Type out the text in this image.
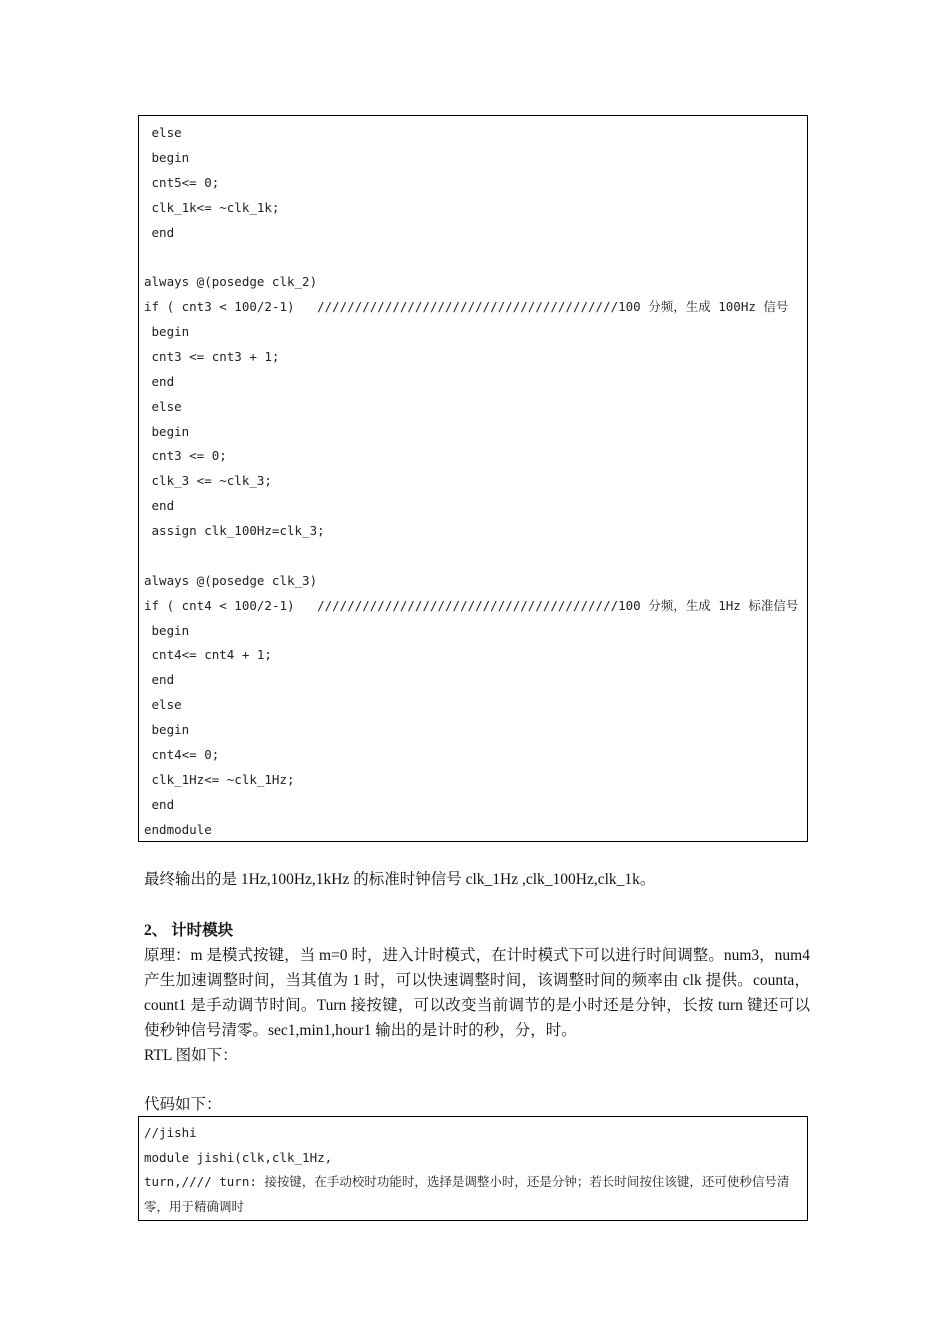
else
begin
cnt5<= 0;
clk_1k<= ~clk_1k;
end
always @(posedge clk_2)
if ( cnt3 < 100/2-1)   ////////////////////////////////////////100 分频，生成 100Hz 信号
begin
cnt3 <= cnt3 + 1;
end
else
begin
cnt3 <= 0;
clk_3 <= ~clk_3;
end
assign clk_100Hz=clk_3;
always @(posedge clk_3)
if ( cnt4 < 100/2-1)   ////////////////////////////////////////100 分频，生成 1Hz 标准信号
begin
cnt4<= cnt4 + 1;
end
else
begin
cnt4<= 0;
clk_1Hz<= ~clk_1Hz;
end
endmodule
最终输出的是 1Hz,100Hz,1kHz 的标准时钟信号 clk_1Hz ,clk_100Hz,clk_1k。
2、 计时模块
原理：m 是模式按键，当 m=0 时，进入计时模式，在计时模式下可以进行时间调整。num3，num4 产生加速调整时间，当其值为 1 时，可以快速调整时间，该调整时间的频率由 clk 提供。counta，count1 是手动调节时间。Turn 接按键，可以改变当前调节的是小时还是分钟，长按 turn 键还可以使秒钟信号清零。sec1,min1,hour1 输出的是计时的秒，分，时。
RTL 图如下：
代码如下：
//jishi
module jishi(clk,clk_1Hz,
turn,//// turn: 接按键，在手动校时功能时，选择是调整小时，还是分钟；若长时间按住该键，还可使秒信号清零，用于精确调时
